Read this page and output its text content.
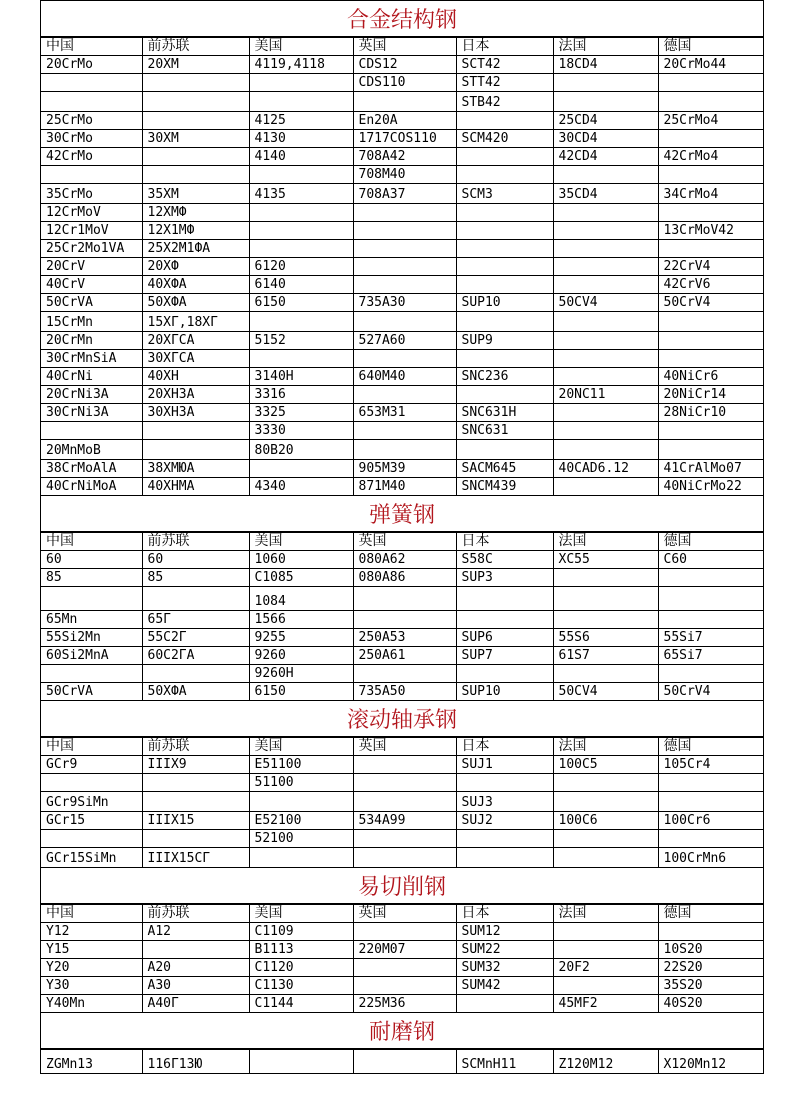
合金结构钢
中国	前苏联	美国	英国	日本	法国	德国
20CrMo	20XM	4119,4118	CDS12	SCT42	18CD4	20CrMo44
			CDS110	STT42		
				STB42		
25CrMo		4125	En20A		25CD4	25CrMo4
30CrMo	30XM	4130	1717COS110	SCM420	30CD4	
42CrMo		4140	708A42		42CD4	42CrMo4
			708M40			
35CrMo	35XM	4135	708A37	SCM3	35CD4	34CrMo4
12CrMoV	12XMФ					
12Cr1MoV	12X1MФ					13CrMoV42
25Cr2Mo1VA	25X2M1ФA					
20CrV	20XФ	6120				22CrV4
40CrV	40XФA	6140				42CrV6
50CrVA	50XФA	6150	735A30	SUP10	50CV4	50CrV4
15CrMn	15XГ,18XГ					
20CrMn	20XГCA	5152	527A60	SUP9		
30CrMnSiA	30XГCA					
40CrNi	40XH	3140H	640M40	SNC236		40NiCr6
20CrNi3A	20XH3A	3316			20NC11	20NiCr14
30CrNi3A	30XH3A	3325	653M31	SNC631H		28NiCr10
		3330		SNC631		
20MnMoB		80B20				
38CrMoAlA	38XMЮA		905M39	SACM645	40CAD6.12	41CrAlMo07
40CrNiMoA	40XHMA	4340	871M40	SNCM439		40NiCrMo22
弹簧钢
中国	前苏联	美国	英国	日本	法国	德国
60	60	1060	080A62	S58C	XC55	C60
85	85	C1085	080A86	SUP3		
		1084				
65Mn	65Г	1566				
55Si2Mn	55C2Г	9255	250A53	SUP6	55S6	55Si7
60Si2MnA	60C2ГA	9260	250A61	SUP7	61S7	65Si7
		9260H				
50CrVA	50XФA	6150	735A50	SUP10	50CV4	50CrV4
滚动轴承钢
中国	前苏联	美国	英国	日本	法国	德国
GCr9	IIIX9	E51100		SUJ1	100C5	105Cr4
		51100				
GCr9SiMn				SUJ3		
GCr15	IIIX15	E52100	534A99	SUJ2	100C6	100Cr6
		52100				
GCr15SiMn	IIIX15CГ					100CrMn6
易切削钢
中国	前苏联	美国	英国	日本	法国	德国
Y12	A12	C1109		SUM12		
Y15		B1113	220M07	SUM22		10S20
Y20	A20	C1120		SUM32	20F2	22S20
Y30	A30	C1130		SUM42		35S20
Y40Mn	A40Г	C1144	225M36		45MF2	40S20
耐磨钢
ZGMn13	116Г13Ю			SCMnH11	Z120M12	X120Mn12
